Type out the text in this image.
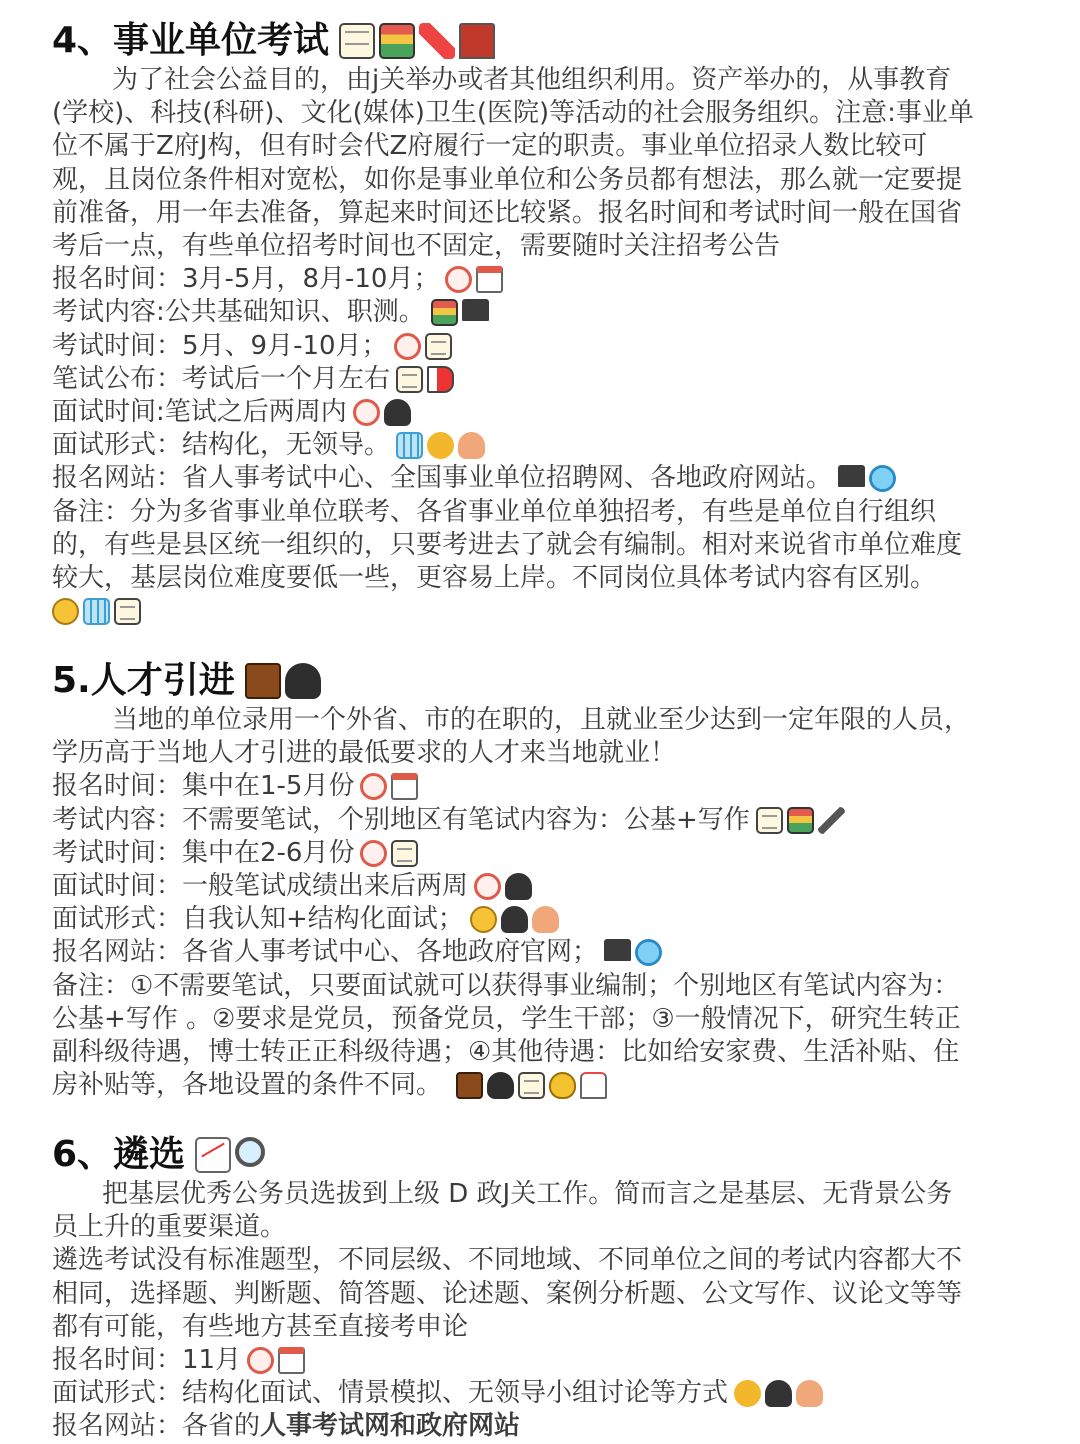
4、事业单位考试

为了社会公益目的，由j关举办或者其他组织利用。资产举办的，从事教育

(学校)、科技(科研)、文化(媒体)卫生(医院)等活动的社会服务组织。注意:事业单

位不属于Z府J构，但有时会代Z府履行一定的职责。事业单位招录人数比较可

观，且岗位条件相对宽松，如你是事业单位和公务员都有想法，那么就一定要提

前准备，用一年去准备，算起来时间还比较紧。报名时间和考试时间一般在国省

考后一点，有些单位招考时间也不固定，需要随时关注招考公告

报名时间：3月-5月，8月-10月；

考试内容:公共基础知识、职测。

考试时间：5月、9月-10月；

笔试公布：考试后一个月左右

面试时间:笔试之后两周内

面试形式：结构化，无领导。

报名网站：省人事考试中心、全国事业单位招聘网、各地政府网站。

备注：分为多省事业单位联考、各省事业单位单独招考，有些是单位自行组织

的，有些是县区统一组织的，只要考进去了就会有编制。相对来说省市单位难度

较大，基层岗位难度要低一些，更容易上岸。不同岗位具体考试内容有区别。

5.人才引进

当地的单位录用一个外省、市的在职的，且就业至少达到一定年限的人员，

学历高于当地人才引进的最低要求的人才来当地就业！

报名时间：集中在1-5月份

考试内容：不需要笔试，个别地区有笔试内容为：公基+写作

考试时间：集中在2-6月份

面试时间：一般笔试成绩出来后两周

面试形式：自我认知+结构化面试；

报名网站：各省人事考试中心、各地政府官网；

备注：①不需要笔试，只要面试就可以获得事业编制；个别地区有笔试内容为：

公基+写作 。②要求是党员，预备党员，学生干部；③一般情况下，研究生转正

副科级待遇，博士转正正科级待遇；④其他待遇：比如给安家费、生活补贴、住

房补贴等，各地设置的条件不同。

6、遴选

把基层优秀公务员选拔到上级 D 政J关工作。简而言之是基层、无背景公务

员上升的重要渠道。

遴选考试没有标准题型，不同层级、不同地域、不同单位之间的考试内容都大不

相同，选择题、判断题、简答题、论述题、案例分析题、公文写作、议论文等等

都有可能，有些地方甚至直接考申论

报名时间：11月

面试形式：结构化面试、情景模拟、无领导小组讨论等方式

报名网站：各省的人事考试网和政府网站
